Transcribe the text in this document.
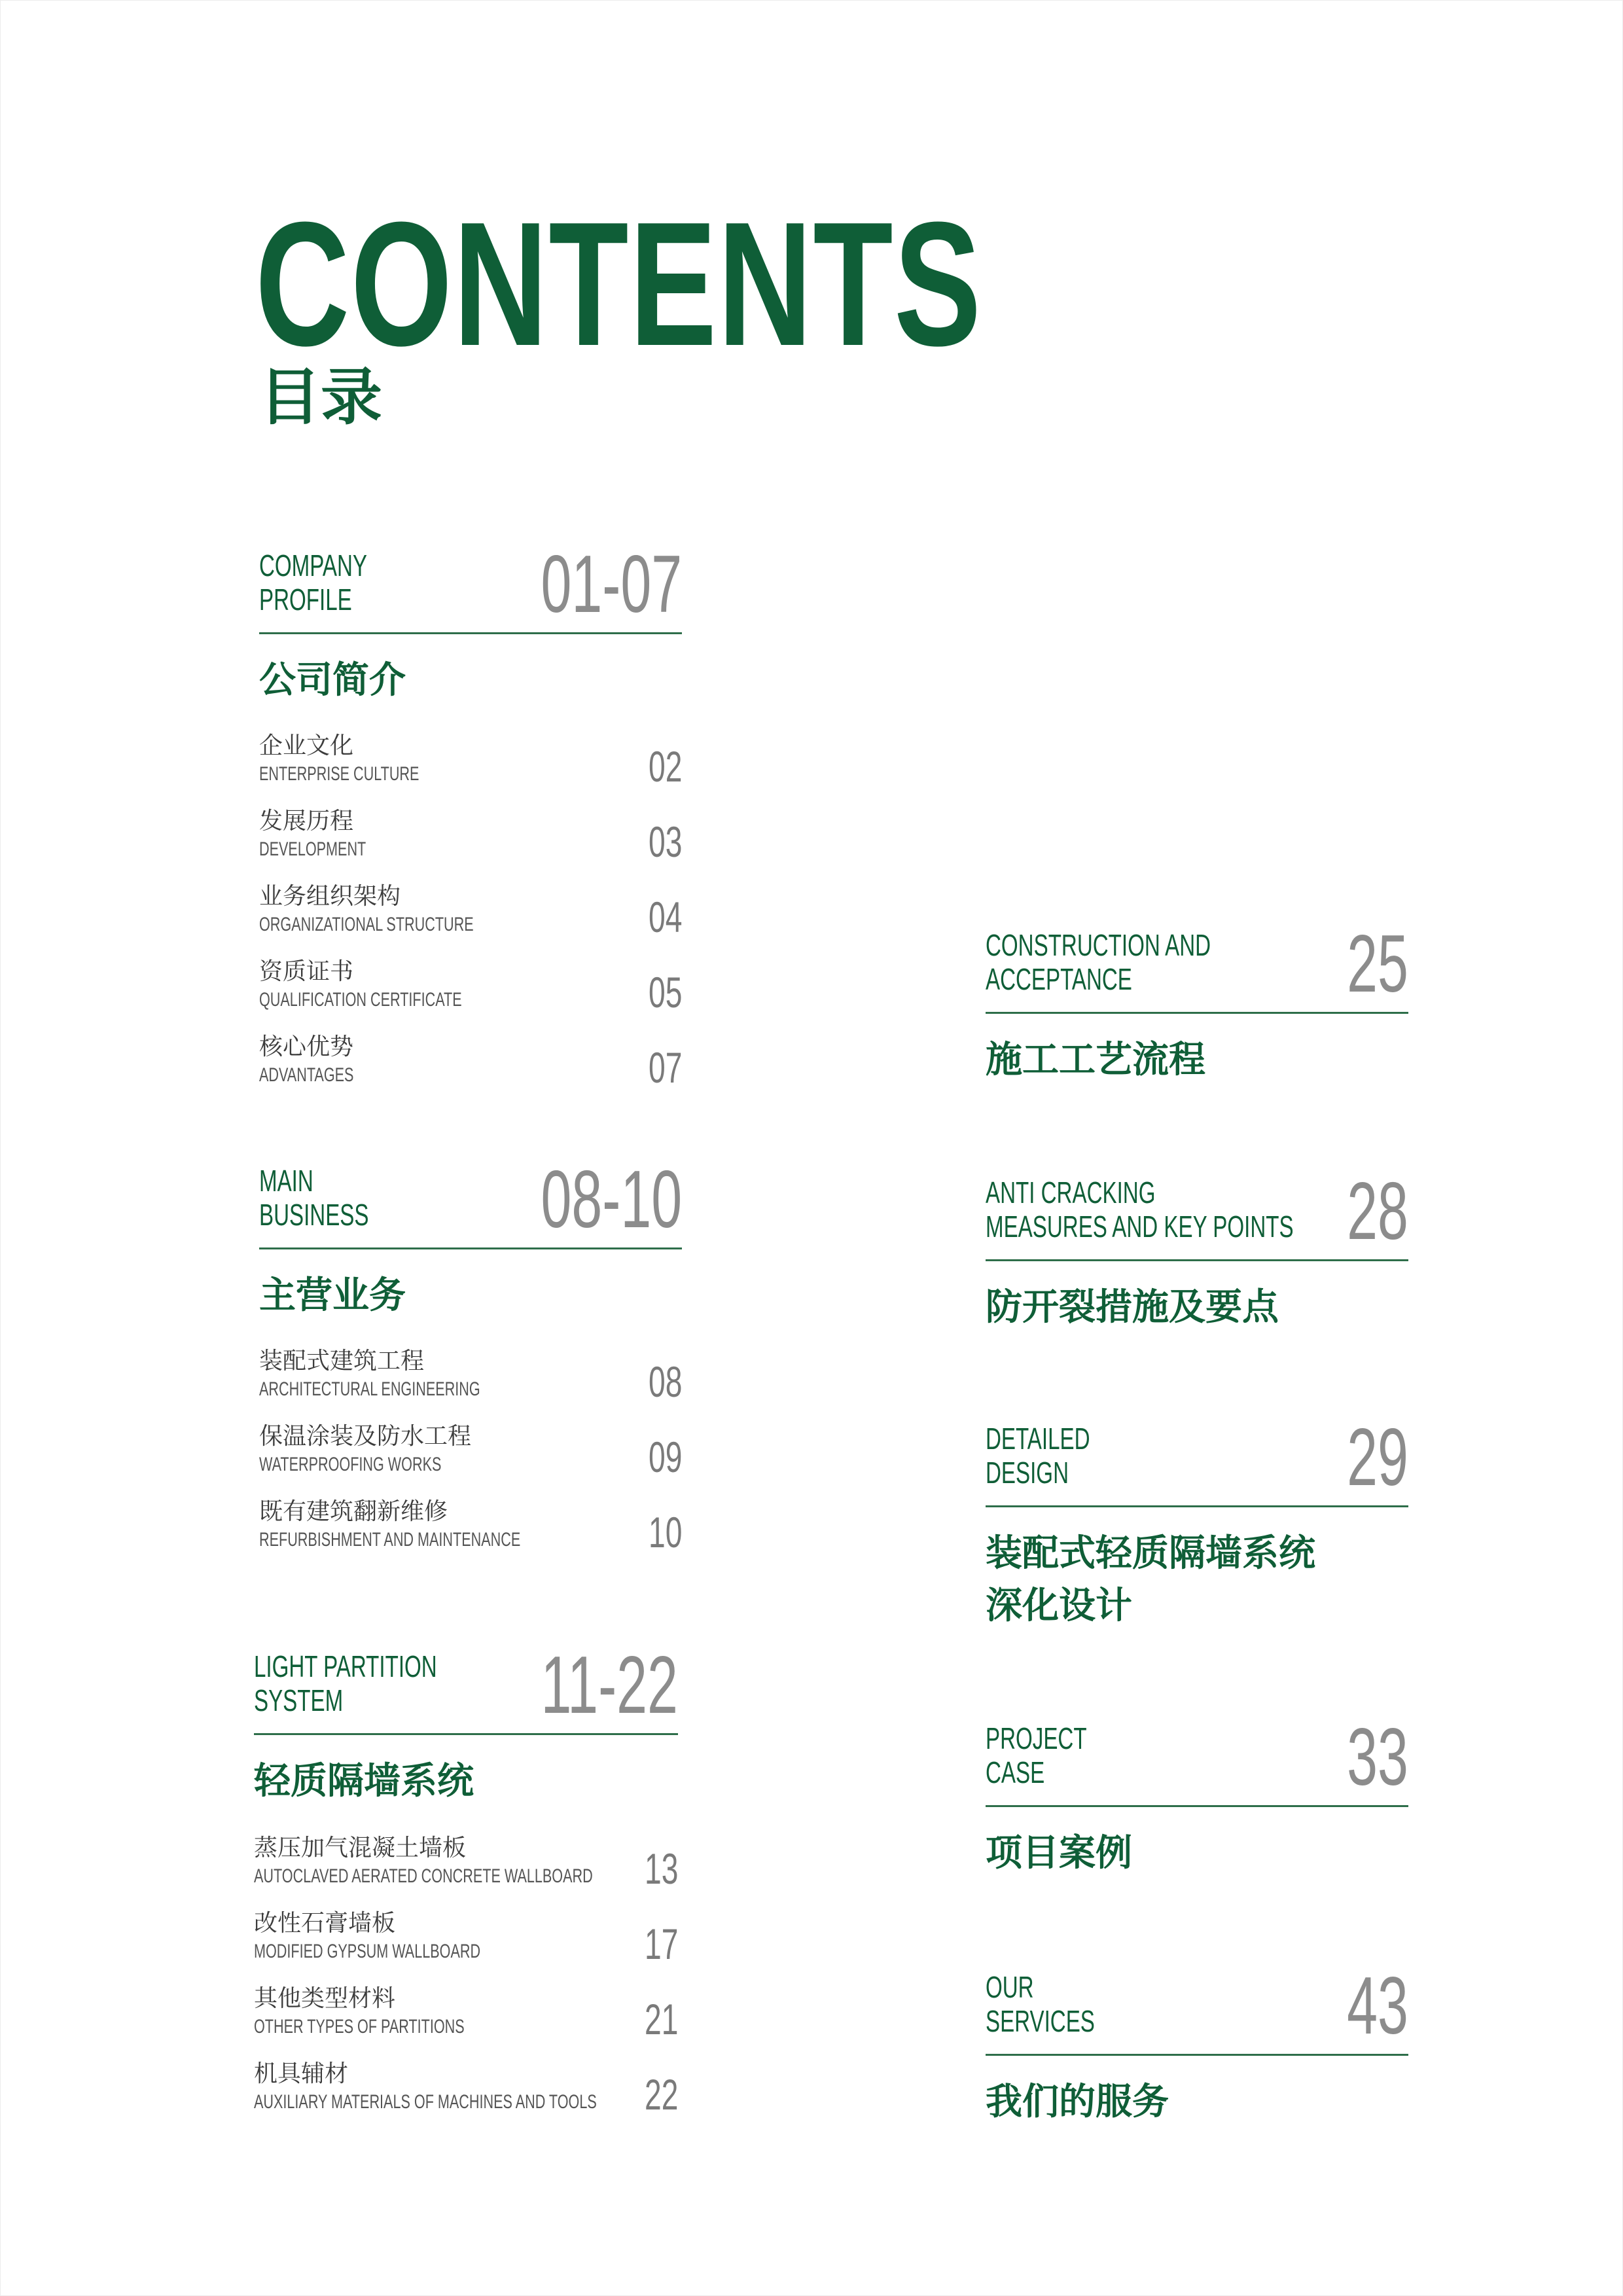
CONTENTS
目录
COMPANY
PROFILE 01-07
公司简介
企业文化
ENTERPRISE CULTURE	02
发展历程
DEVELOPMENT	03
业务组织架构
ORGANIZATIONAL STRUCTURE	04
资质证书
QUALIFICATION CERTIFICATE	05
核心优势
ADVANTAGES	07
MAIN
BUSINESS 08-10
主营业务
装配式建筑工程
ARCHITECTURAL ENGINEERING	08
保温涂装及防水工程
WATERPROOFING WORKS	09
既有建筑翻新维修
REFURBISHMENT AND MAINTENANCE	10
LIGHT PARTITION
SYSTEM	11-22
轻质隔墙系统
蒸压加气混凝土墙板
AUTOCLAVED AERATED CONCRETE WALLBOARD 13
改性石膏墙板
MODIFIED GYPSUM WALLBOARD	17
其他类型材料
OTHER TYPES OF PARTITIONS	21
机具辅材
AUXILIARY MATERIALS OF MACHINES AND TOOLS 22
CONSTRUCTION AND
ACCEPTANCE	25
施工工艺流程
ANTI CRACKING
MEASURES AND KEY POINTS 28
防开裂措施及要点
DETAILED
DESIGN	29
装配式轻质隔墙系统
深化设计
PROJECT
CASE	33
项目案例
OUR
SERVICES	43
我们的服务
